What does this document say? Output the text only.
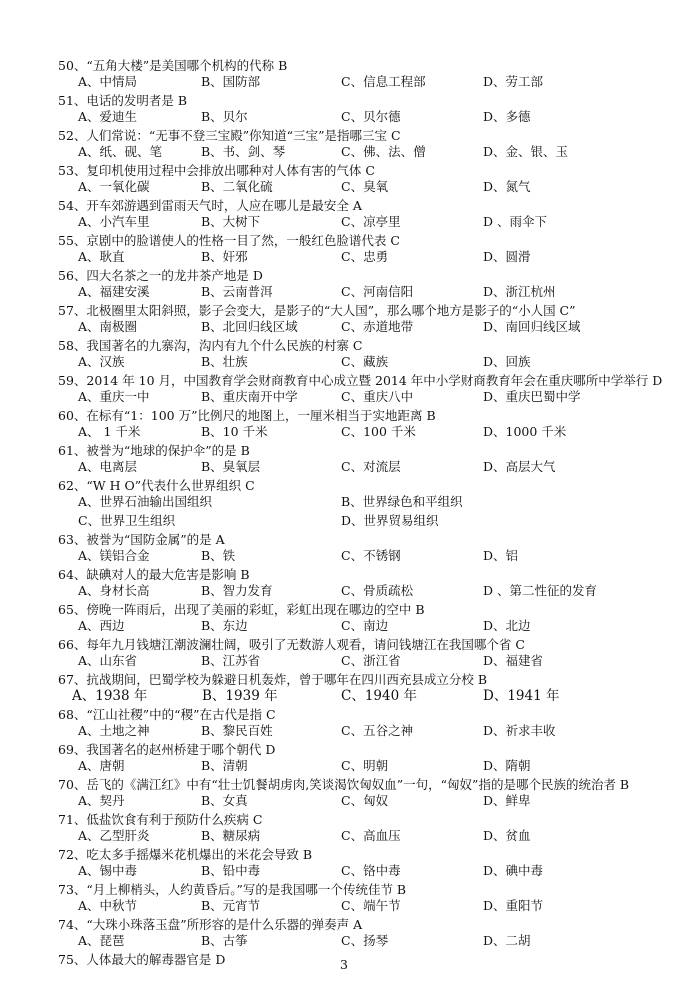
50、“五角大楼”是美国哪个机构的代称 B
A、中情局	B、国防部	C、信息工程部	D、劳工部
51、电话的发明者是 B
A、爱迪生	B、贝尔	C、贝尔德	D、多德
52、人们常说：“无事不登三宝殿”你知道“三宝”是指哪三宝 C
A、纸、砚、笔	B、书、剑、琴	C、佛、法、僧	D、金、银、玉
53、复印机使用过程中会排放出哪种对人体有害的气体 C
A、一氧化碳	B、二氧化硫	C、臭氧	D、氮气
54、开车郊游遇到雷雨天气时，人应在哪儿是最安全 A
A、小汽车里	B、大树下	C、凉亭里	D 、雨伞下
55、京剧中的脸谱使人的性格一目了然，一般红色脸谱代表 C
A、耿直	B、奸邪	C、忠勇	D、圆滑
56、四大名茶之一的龙井茶产地是 D
A、福建安溪	B、云南普洱	C、河南信阳	D、浙江杭州
57、北极圈里太阳斜照，影子会变大，是影子的“大人国”，那么哪个地方是影子的“小人国 C”
A、南极圈	B、北回归线区域	C、赤道地带	D、南回归线区域
58、我国著名的九寨沟，沟内有九个什么民族的村寨 C
A、汉族	B、壮族	C、藏族	D、回族
59、2014 年 10 月，中国教育学会财商教育中心成立暨 2014 年中小学财商教育年会在重庆哪所中学举行 D
A、重庆一中	B、重庆南开中学	C、重庆八中	D、重庆巴蜀中学
60、在标有“1：100 万”比例尺的地图上，一厘米相当于实地距离 B
A、 1 千米	B、10 千米	C、100 千米	D、1000 千米
61、被誉为“地球的保护伞”的是 B
A、电离层	B、臭氧层	C、对流层	D、高层大气
62、“W H O”代表什么世界组织 C
A、世界石油输出国组织	B、世界绿色和平组织
C、世界卫生组织	D、世界贸易组织
63、被誉为“国防金属”的是 A
A、镁铝合金	B、铁	C、不锈钢	D、铝
64、缺碘对人的最大危害是影响 B
A、身材长高	B、智力发育	C、骨质疏松	D 、第二性征的发育
65、傍晚一阵雨后，出现了美丽的彩虹，彩虹出现在哪边的空中 B
A、西边	B、东边	C、南边	D、北边
66、每年九月钱塘江潮波澜壮阔，吸引了无数游人观看，请问钱塘江在我国哪个省 C
A、山东省	B、江苏省	C、浙江省	D、福建省
67、抗战期间，巴蜀学校为躲避日机轰炸，曾于哪年在四川西充县成立分校 B
A、1938 年	B、1939 年	C、1940 年	D、1941 年
68、“江山社稷”中的“稷”在古代是指 C
A、土地之神	B、黎民百姓	C、五谷之神	D、祈求丰收
69、我国著名的赵州桥建于哪个朝代 D
A、唐朝	B、清朝	C、明朝	D、隋朝
70、岳飞的《满江红》中有“壮士饥餐胡虏肉,笑谈渴饮匈奴血”一句，“匈奴”指的是哪个民族的统治者 B
A、契丹	B、女真	C、匈奴	D、鲜卑
71、低盐饮食有利于预防什么疾病 C
A、乙型肝炎	B、糖尿病	C、高血压	D、贫血
72、吃太多手摇爆米花机爆出的米花会导致 B
A、锡中毒	B、铅中毒	C、铬中毒	D、碘中毒
73、“月上柳梢头，人约黄昏后。”写的是我国哪一个传统佳节 B
A、中秋节	B、元宵节	C、端午节	D、重阳节
74、“大珠小珠落玉盘”所形容的是什么乐器的弹奏声 A
A、琵琶	B、古筝	C、扬琴	D、二胡
75、人体最大的解毒器官是 D	3
